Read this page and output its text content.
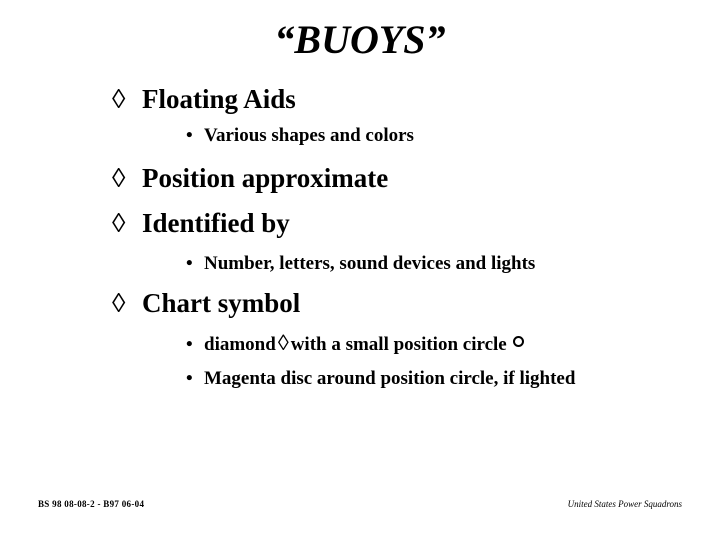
“BUOYS”
◊ Floating Aids
• Various shapes and colors
◊ Position approximate
◊ Identified by
• Number, letters, sound devices and lights
◊ Chart symbol
• diamond◊ with a small position circle
• Magenta disc around position circle, if lighted
BS 98 08-08-2 - B97 06-04	United States Power Squadrons
